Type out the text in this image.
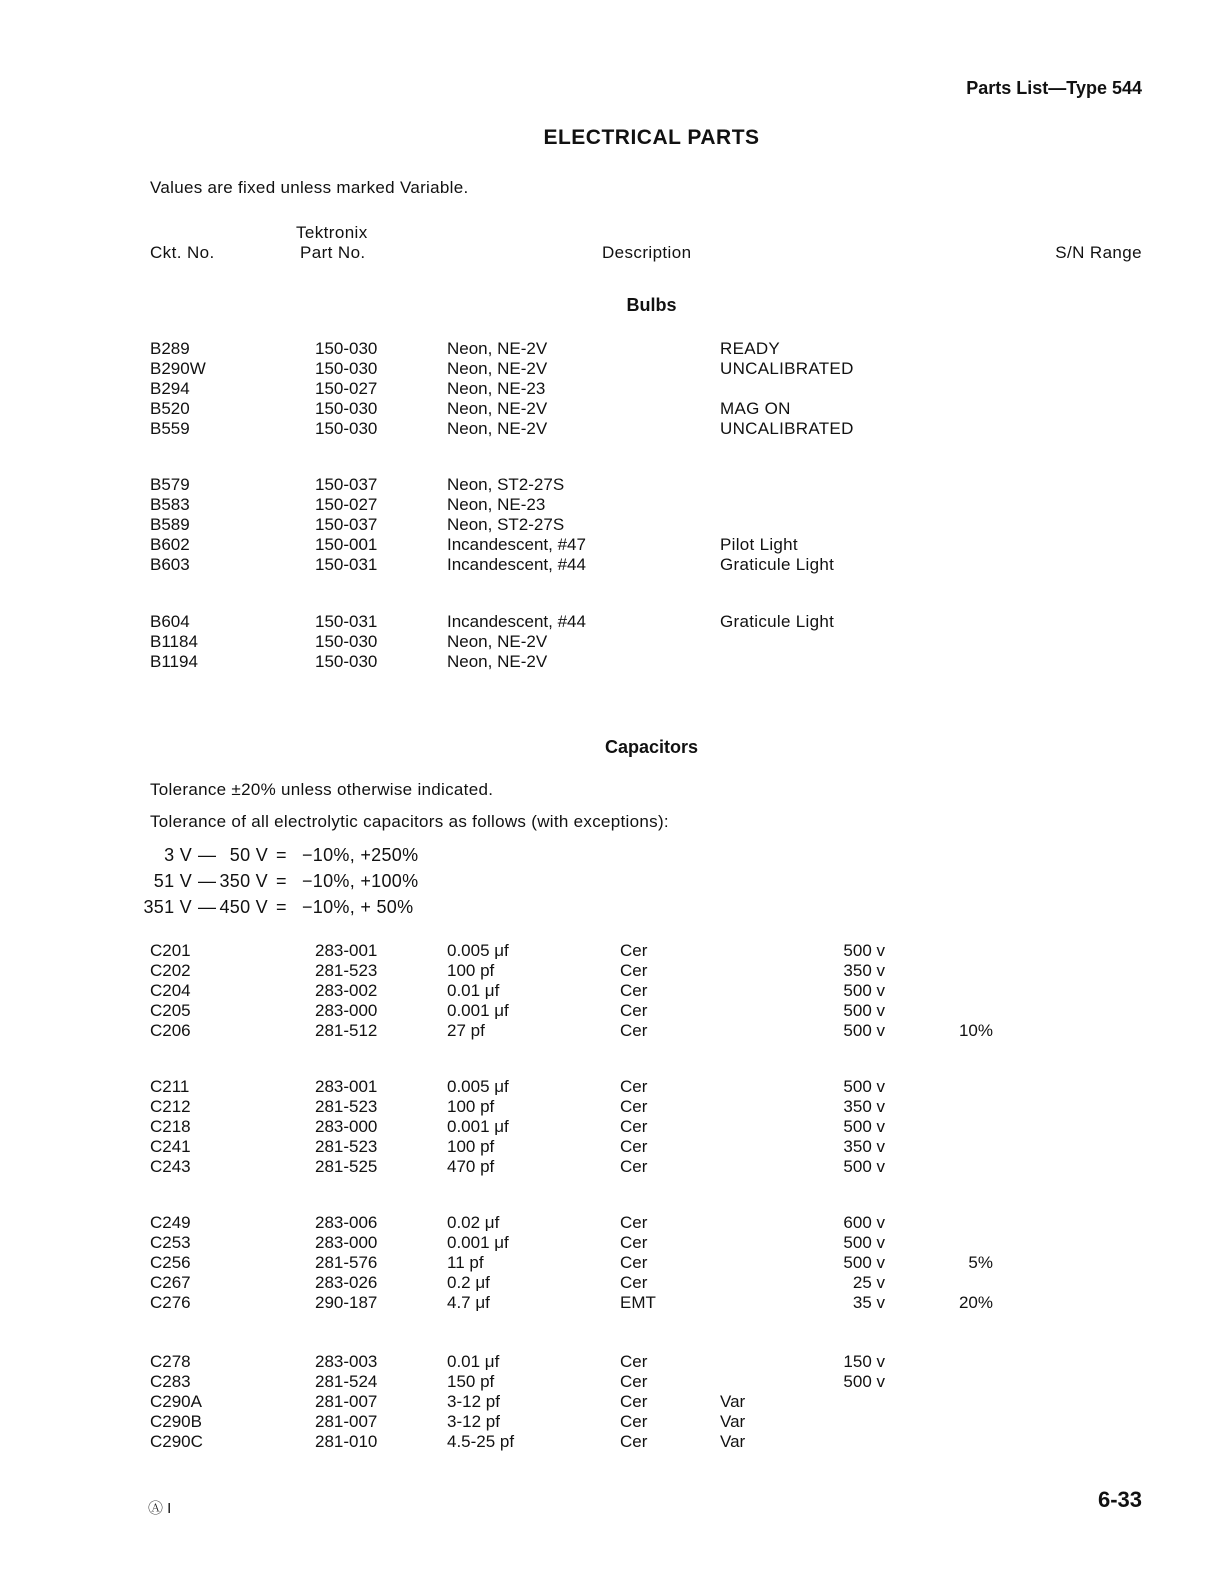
Parts List—Type 544
ELECTRICAL PARTS
Values are fixed unless marked Variable.
Ckt. No.
Tektronix
Part No.	Description	S/N Range
Bulbs
B289	150-030	Neon, NE-2V	READY
B290W	150-030	Neon, NE-2V	UNCALIBRATED
B294	150-027	Neon, NE-23
B520	150-030	Neon, NE-2V	MAG ON
B559	150-030	Neon, NE-2V	UNCALIBRATED
B579	150-037	Neon, ST2-27S
B583	150-027	Neon, NE-23
B589	150-037	Neon, ST2-27S
B602	150-001	Incandescent, #47	Pilot Light
B603	150-031	Incandescent, #44	Graticule Light
B604	150-031	Incandescent, #44	Graticule Light
B1184	150-030	Neon, NE-2V
B1194	150-030	Neon, NE-2V
Capacitors
Tolerance ±20% unless otherwise indicated.
Tolerance of all electrolytic capacitors as follows (with exceptions):
3 V — 50 V = −10%, +250%
51 V — 350 V = −10%, +100%
351 V — 450 V = −10%, + 50%
C201	283-001	0.005 μf	Cer	500 v
C202	281-523	100 pf	Cer	350 v
C204	283-002	0.01 μf	Cer	500 v
C205	283-000	0.001 μf	Cer	500 v
C206	281-512	27 pf	Cer	500 v	10%
C211	283-001	0.005 μf	Cer	500 v
C212	281-523	100 pf	Cer	350 v
C218	283-000	0.001 μf	Cer	500 v
C241	281-523	100 pf	Cer	350 v
C243	281-525	470 pf	Cer	500 v
C249	283-006	0.02 μf	Cer	600 v
C253	283-000	0.001 μf	Cer	500 v
C256	281-576	11 pf	Cer	500 v	5%
C267	283-026	0.2 μf	Cer	25 v
C276	290-187	4.7 μf	EMT	35 v	20%
C278	283-003	0.01 μf	Cer	150 v
C283	281-524	150 pf	Cer	500 v
C290A	281-007	3-12 pf	Cer	Var
C290B	281-007	3-12 pf	Cer	Var
C290C	281-010	4.5-25 pf	Cer	Var
Ⓐ I	6-33
